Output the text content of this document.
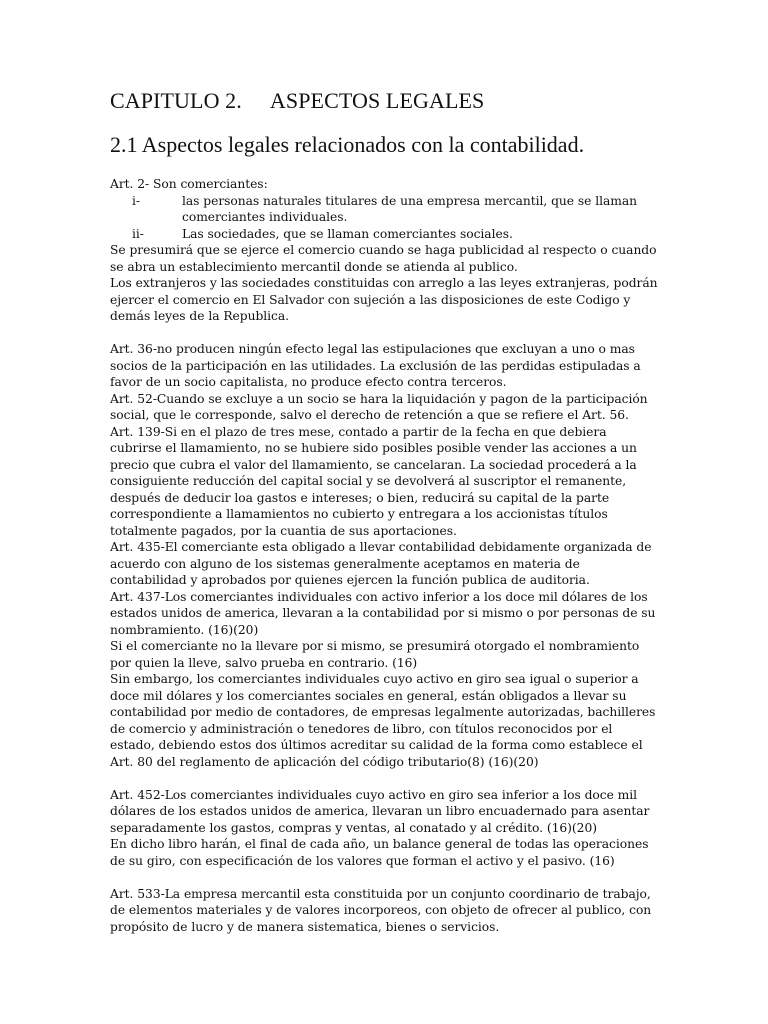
CAPITULO 2. ASPECTOS LEGALES
2.1 Aspectos legales relacionados con la contabilidad.

Art. 2- Son comerciantes:

i-	las personas naturales titulares de una empresa mercantil, que se llaman comerciantes individuales.
ii-	Las sociedades, que se llaman comerciantes sociales.

Se presumirá que se ejerce el comercio cuando se haga publicidad al respecto o cuando se abra un establecimiento mercantil donde se atienda al publico.

Los extranjeros y las sociedades constituidas con arreglo a las leyes extranjeras, podrán ejercer el comercio en El Salvador con sujeción a las disposiciones de este Codigo y demás leyes de la Republica.

Art. 36-no producen ningún efecto legal las estipulaciones que excluyan a uno o mas socios de la participación en las utilidades. La exclusión de las perdidas estipuladas a favor de un socio capitalista, no produce efecto contra terceros.

Art. 52-Cuando se excluye a un socio se hara la liquidación y pagon de la participación social, que le corresponde, salvo el derecho de retención a que se refiere el Art. 56.

Art. 139-Si en el plazo de tres mese, contado a partir de la fecha en que debiera cubrirse el llamamiento, no se hubiere sido posibles posible vender las acciones a un precio que cubra el valor del llamamiento, se cancelaran. La sociedad procederá a la consiguiente reducción del capital social y se devolverá al suscriptor el remanente, después de deducir loa gastos e intereses; o bien, reducirá su capital de la parte correspondiente a llamamientos no cubierto y entregara a los accionistas títulos totalmente pagados, por la cuantia de sus aportaciones.

Art. 435-El comerciante esta obligado a llevar contabilidad debidamente organizada de acuerdo con alguno de los sistemas generalmente aceptamos en materia de contabilidad y aprobados por quienes ejercen la función publica de auditoria.

Art. 437-Los comerciantes individuales con activo inferior a los doce mil dólares de los estados unidos de america, llevaran a la contabilidad por si mismo o por personas de su nombramiento. (16)(20)

Si el comerciante no la llevare por si mismo, se presumirá otorgado el nombramiento por quien la lleve, salvo prueba en contrario. (16)

Sin embargo, los comerciantes individuales cuyo activo en giro sea igual o superior a doce mil dólares y los comerciantes sociales en general, están obligados a llevar su contabilidad por medio de contadores, de empresas legalmente autorizadas, bachilleres de comercio y administración o tenedores de libro, con títulos reconocidos por el estado, debiendo estos dos últimos acreditar su calidad de la forma como establece el Art. 80 del reglamento de aplicación del código tributario(8) (16)(20)

Art. 452-Los comerciantes individuales cuyo activo en giro sea inferior a los doce mil dólares de los estados unidos de america, llevaran un libro encuadernado para asentar separadamente los gastos, compras y ventas, al conatado y al crédito. (16)(20)

En dicho libro harán, el final de cada año, un balance general de todas las operaciones de su giro, con especificación de los valores que forman el activo y el pasivo. (16)

Art. 533-La empresa mercantil esta constituida por un conjunto coordinario de trabajo, de elementos materiales y de valores incorporeos, con objeto de ofrecer al publico, con propósito de lucro y de manera sistematica, bienes o servicios.
